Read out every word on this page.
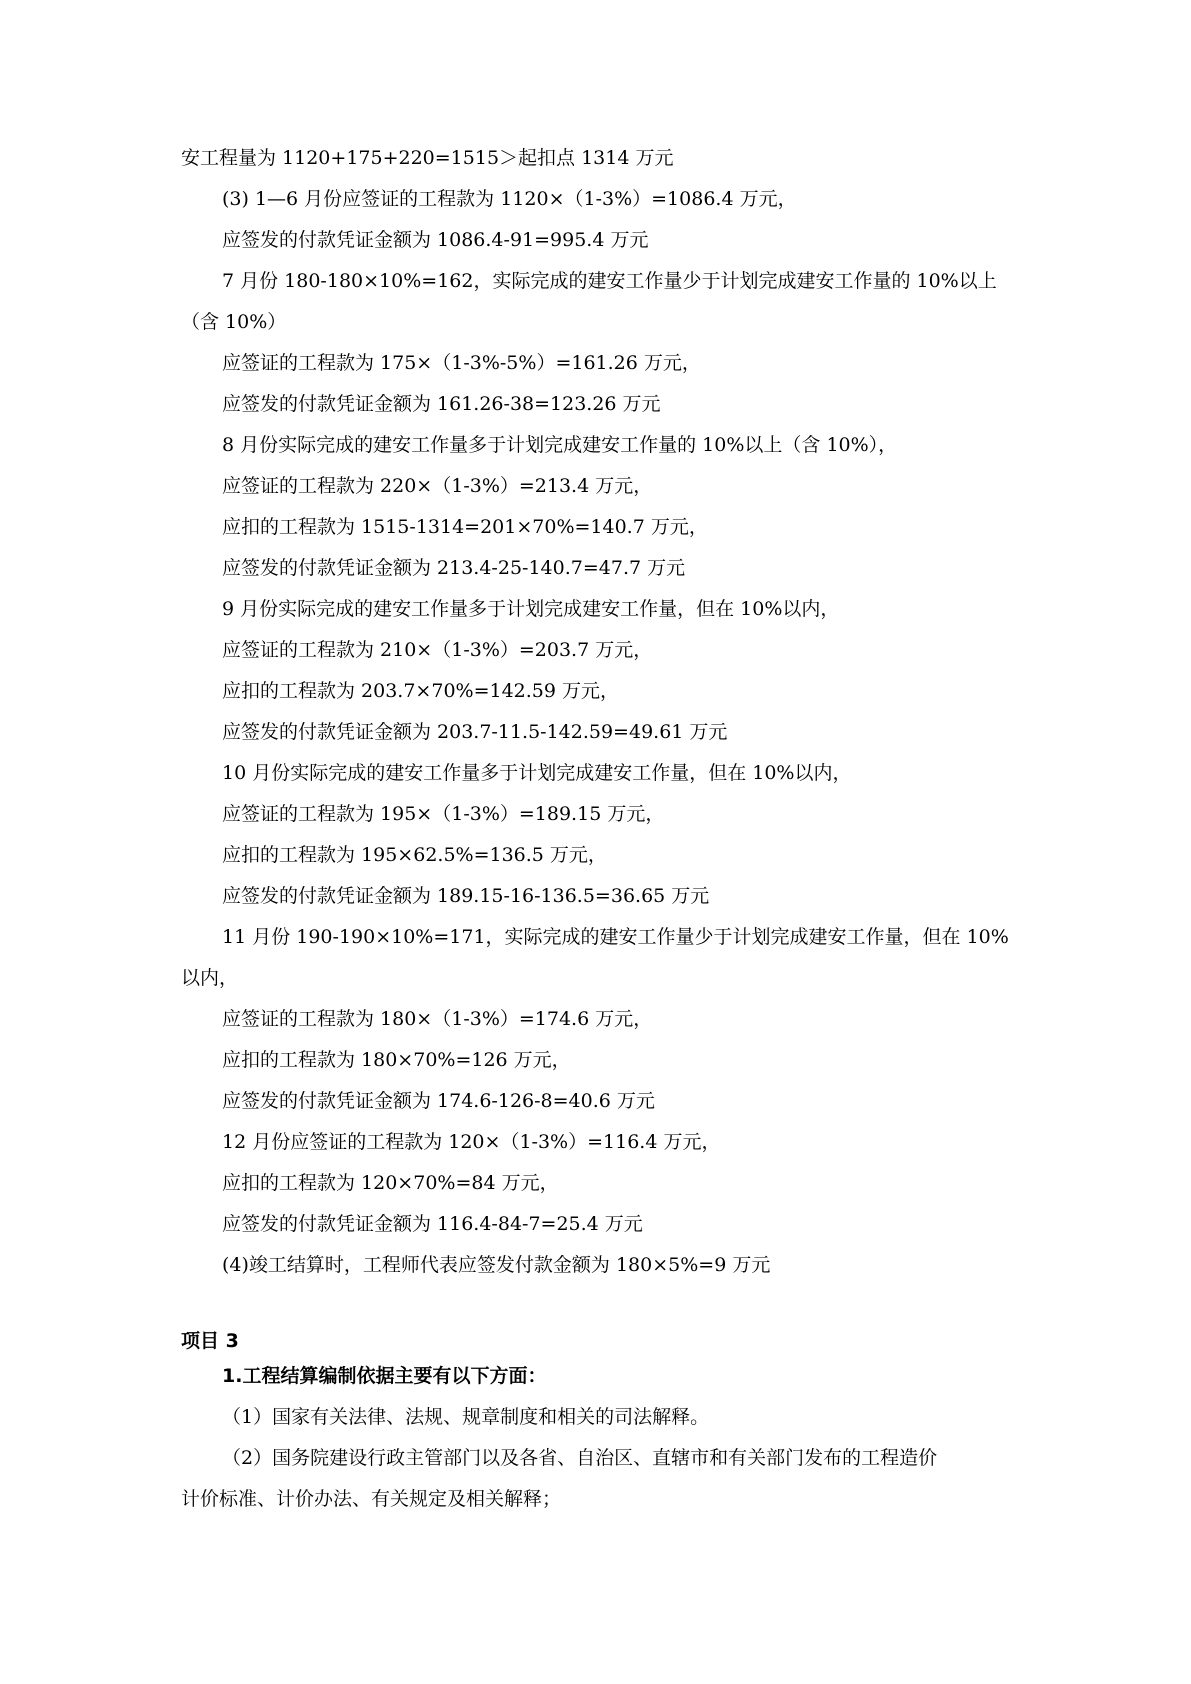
安工程量为 1120+175+220=1515＞起扣点 1314 万元
(3) 1—6 月份应签证的工程款为 1120×（1-3%）=1086.4 万元，
应签发的付款凭证金额为 1086.4-91=995.4 万元
7 月份 180-180×10%=162，实际完成的建安工作量少于计划完成建安工作量的 10%以上
（含 10%）
应签证的工程款为 175×（1-3%-5%）=161.26 万元，
应签发的付款凭证金额为 161.26-38=123.26 万元
8 月份实际完成的建安工作量多于计划完成建安工作量的 10%以上（含 10%），
应签证的工程款为 220×（1-3%）=213.4 万元，
应扣的工程款为 1515-1314=201×70%=140.7 万元，
应签发的付款凭证金额为 213.4-25-140.7=47.7 万元
9 月份实际完成的建安工作量多于计划完成建安工作量，但在 10%以内，
应签证的工程款为 210×（1-3%）=203.7 万元，
应扣的工程款为 203.7×70%=142.59 万元，
应签发的付款凭证金额为 203.7-11.5-142.59=49.61 万元
10 月份实际完成的建安工作量多于计划完成建安工作量，但在 10%以内，
应签证的工程款为 195×（1-3%）=189.15 万元，
应扣的工程款为 195×62.5%=136.5 万元，
应签发的付款凭证金额为 189.15-16-136.5=36.65 万元
11 月份 190-190×10%=171，实际完成的建安工作量少于计划完成建安工作量，但在 10%
以内，
应签证的工程款为 180×（1-3%）=174.6 万元，
应扣的工程款为 180×70%=126 万元，
应签发的付款凭证金额为 174.6-126-8=40.6 万元
12 月份应签证的工程款为 120×（1-3%）=116.4 万元，
应扣的工程款为 120×70%=84 万元，
应签发的付款凭证金额为 116.4-84-7=25.4 万元
(4)竣工结算时，工程师代表应签发付款金额为 180×5%=9 万元
项目 3
1.工程结算编制依据主要有以下方面：
（1）国家有关法律、法规、规章制度和相关的司法解释。
（2）国务院建设行政主管部门以及各省、自治区、直辖市和有关部门发布的工程造价
计价标准、计价办法、有关规定及相关解释；
